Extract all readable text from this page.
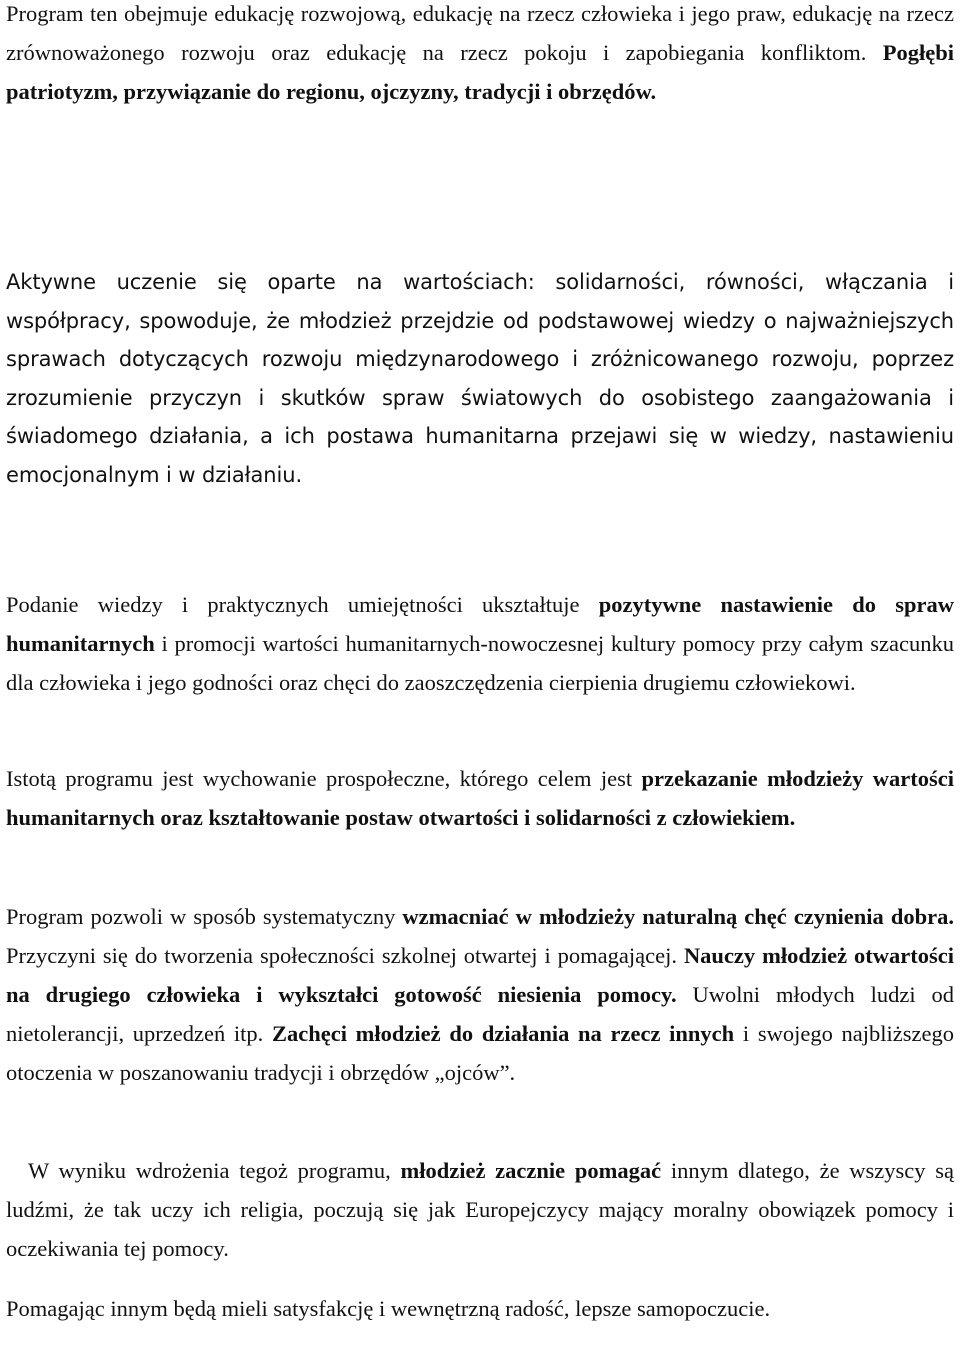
Program ten obejmuje edukację rozwojową, edukację na rzecz człowieka i jego praw, edukację na rzecz zrównoważonego rozwoju oraz edukację na rzecz pokoju i zapobiegania konfliktom. Pogłębi patriotyzm, przywiązanie do regionu, ojczyzny, tradycji i obrzędów.

Aktywne uczenie się oparte na wartościach: solidarności, równości, włączania i współpracy, spowoduje, że młodzież przejdzie od podstawowej wiedzy o najważniejszych sprawach dotyczących rozwoju międzynarodowego i zróżnicowanego rozwoju, poprzez zrozumienie przyczyn i skutków spraw światowych do osobistego zaangażowania i świadomego działania, a ich postawa humanitarna przejawi się w wiedzy, nastawieniu emocjonalnym i w działaniu.

Podanie wiedzy i praktycznych umiejętności ukształtuje pozytywne nastawienie do spraw humanitarnych i promocji wartości humanitarnych-nowoczesnej kultury pomocy przy całym szacunku dla człowieka i jego godności oraz chęci do zaoszczędzenia cierpienia drugiemu człowiekowi.

Istotą programu jest wychowanie prospołeczne, którego celem jest przekazanie młodzieży wartości humanitarnych oraz kształtowanie postaw otwartości i solidarności z człowiekiem.

Program pozwoli w sposób systematyczny wzmacniać w młodzieży naturalną chęć czynienia dobra. Przyczyni się do tworzenia społeczności szkolnej otwartej i pomagającej. Nauczy młodzież otwartości na drugiego człowieka i wykształci gotowość niesienia pomocy. Uwolni młodych ludzi od nietolerancji, uprzedzeń itp. Zachęci młodzież do działania na rzecz innych i swojego najbliższego otoczenia w poszanowaniu tradycji i obrzędów „ojców”.

W wyniku wdrożenia tegoż programu, młodzież zacznie pomagać innym dlatego, że wszyscy są ludźmi, że tak uczy ich religia, poczują się jak Europejczycy mający moralny obowiązek pomocy i oczekiwania tej pomocy.

Pomagając innym będą mieli satysfakcję i wewnętrzną radość, lepsze samopoczucie.
